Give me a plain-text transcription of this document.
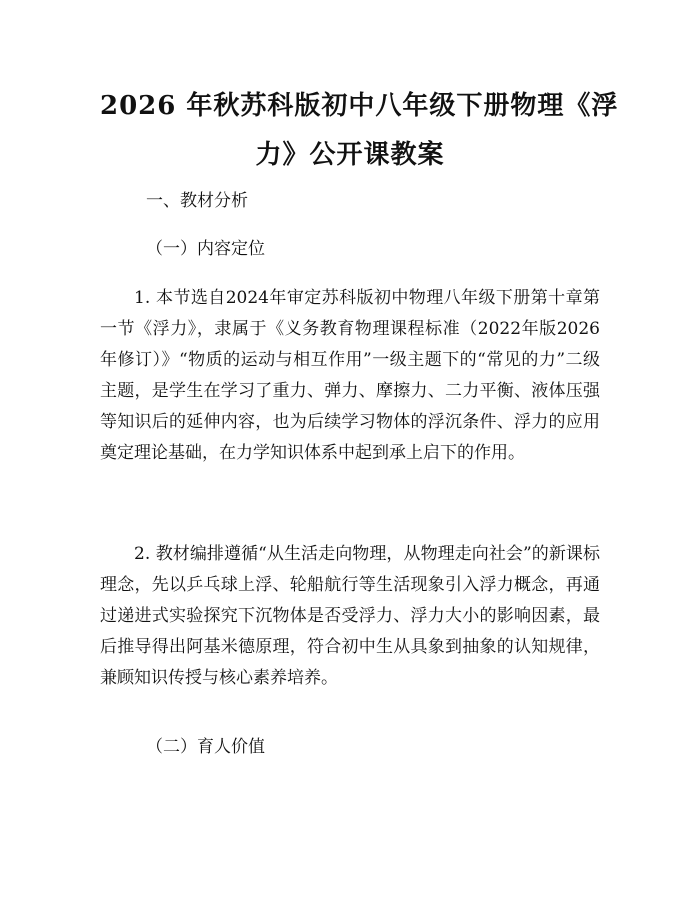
2026 年秋苏科版初中八年级下册物理《浮
力》公开课教案
一、教材分析
（一）内容定位
1. 本节选自2024年审定苏科版初中物理八年级下册第十章第一节《浮力》，隶属于《义务教育物理课程标准（2022年版2026年修订）》“物质的运动与相互作用”一级主题下的“常见的力”二级主题，是学生在学习了重力、弹力、摩擦力、二力平衡、液体压强等知识后的延伸内容，也为后续学习物体的浮沉条件、浮力的应用奠定理论基础，在力学知识体系中起到承上启下的作用。
2. 教材编排遵循“从生活走向物理，从物理走向社会”的新课标理念，先以乒乓球上浮、轮船航行等生活现象引入浮力概念，再通过递进式实验探究下沉物体是否受浮力、浮力大小的影响因素，最后推导得出阿基米德原理，符合初中生从具象到抽象的认知规律，兼顾知识传授与核心素养培养。
（二）育人价值
